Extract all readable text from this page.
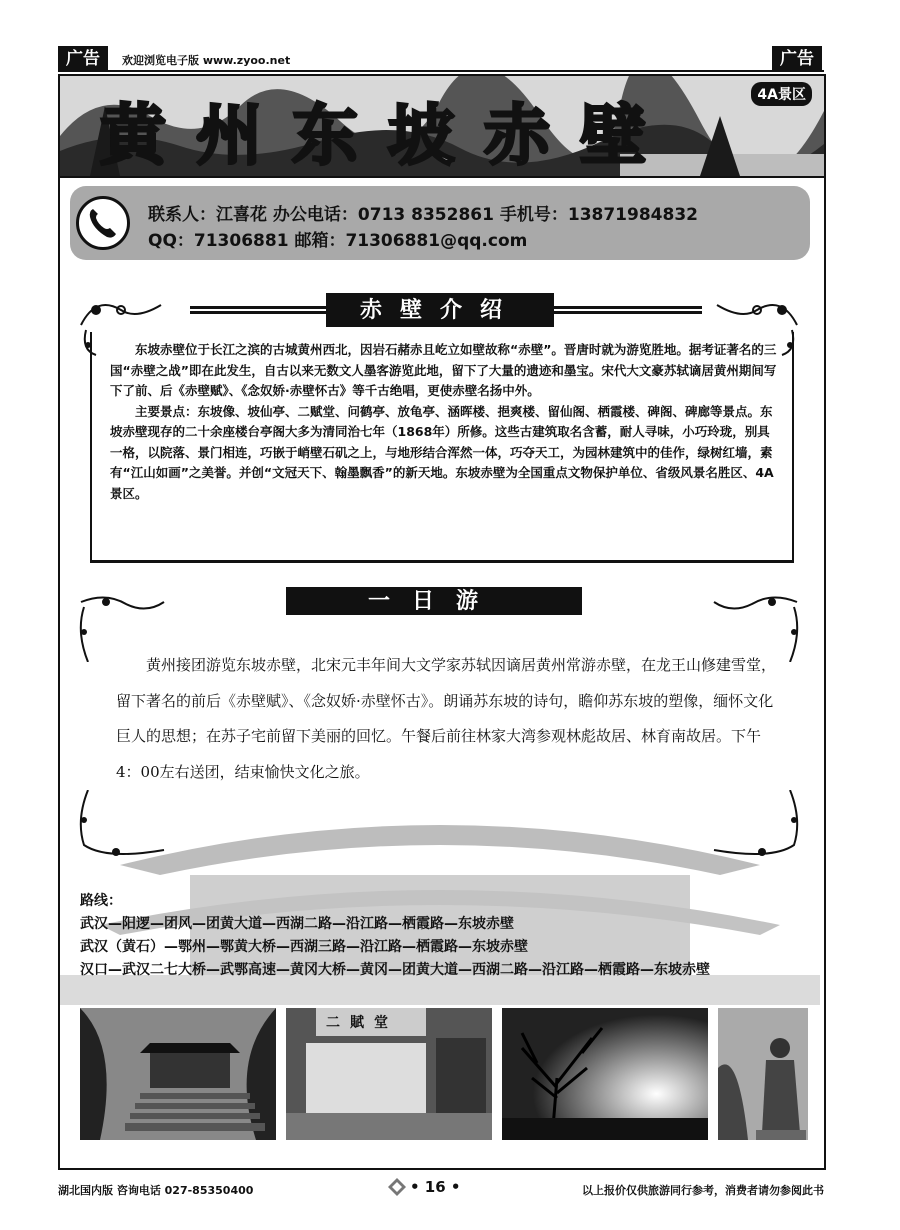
广告	欢迎浏览电子版 www.zyoo.net	广告
黄州东坡赤壁
4A景区
联系人：江喜花 办公电话：0713 8352861 手机号：13871984832
QQ：71306881 邮箱：71306881@qq.com
赤壁介绍

东坡赤壁位于长江之滨的古城黄州西北，因岩石赭赤且屹立如壁故称“赤壁”。晋唐时就为游览胜地。据考证著名的三国“赤壁之战”即在此发生，自古以来无数文人墨客游览此地，留下了大量的遗迹和墨宝。宋代大文豪苏轼谪居黄州期间写下了前、后《赤壁赋》、《念奴娇·赤壁怀古》等千古绝唱，更使赤壁名扬中外。

主要景点：东坡像、坡仙亭、二赋堂、问鹤亭、放龟亭、涵晖楼、挹爽楼、留仙阁、栖霞楼、碑阁、碑廊等景点。东坡赤壁现存的二十余座楼台亭阁大多为清同治七年（1868年）所修。这些古建筑取名含蓄，耐人寻味，小巧玲珑，别具一格，以院落、景门相连，巧嵌于峭壁石矶之上，与地形结合浑然一体，巧夺天工，为园林建筑中的佳作，绿树红墙，素有“江山如画”之美誉。并创“文冠天下、翰墨飘香”的新天地。东坡赤壁为全国重点文物保护单位、省级风景名胜区、4A景区。

一日游

黄州接团游览东坡赤壁，北宋元丰年间大文学家苏轼因谪居黄州常游赤壁，在龙王山修建雪堂，留下著名的前后《赤壁赋》、《念奴娇·赤壁怀古》。朗诵苏东坡的诗句，瞻仰苏东坡的塑像，缅怀文化巨人的思想；在苏子宅前留下美丽的回忆。午餐后前往林家大湾参观林彪故居、林育南故居。下午4：00左右送团，结束愉快文化之旅。

路线：
武汉—阳逻—团风—团黄大道—西湖二路—沿江路—栖霞路—东坡赤壁
武汉（黄石）—鄂州—鄂黄大桥—西湖三路—沿江路—栖霞路—东坡赤壁
汉口—武汉二七大桥—武鄂高速—黄冈大桥—黄冈—团黄大道—西湖二路—沿江路—栖霞路—东坡赤壁
二賦堂
湖北国内版 咨询电话 027-85350400	• 16 •	以上报价仅供旅游同行参考，消费者请勿参阅此书
